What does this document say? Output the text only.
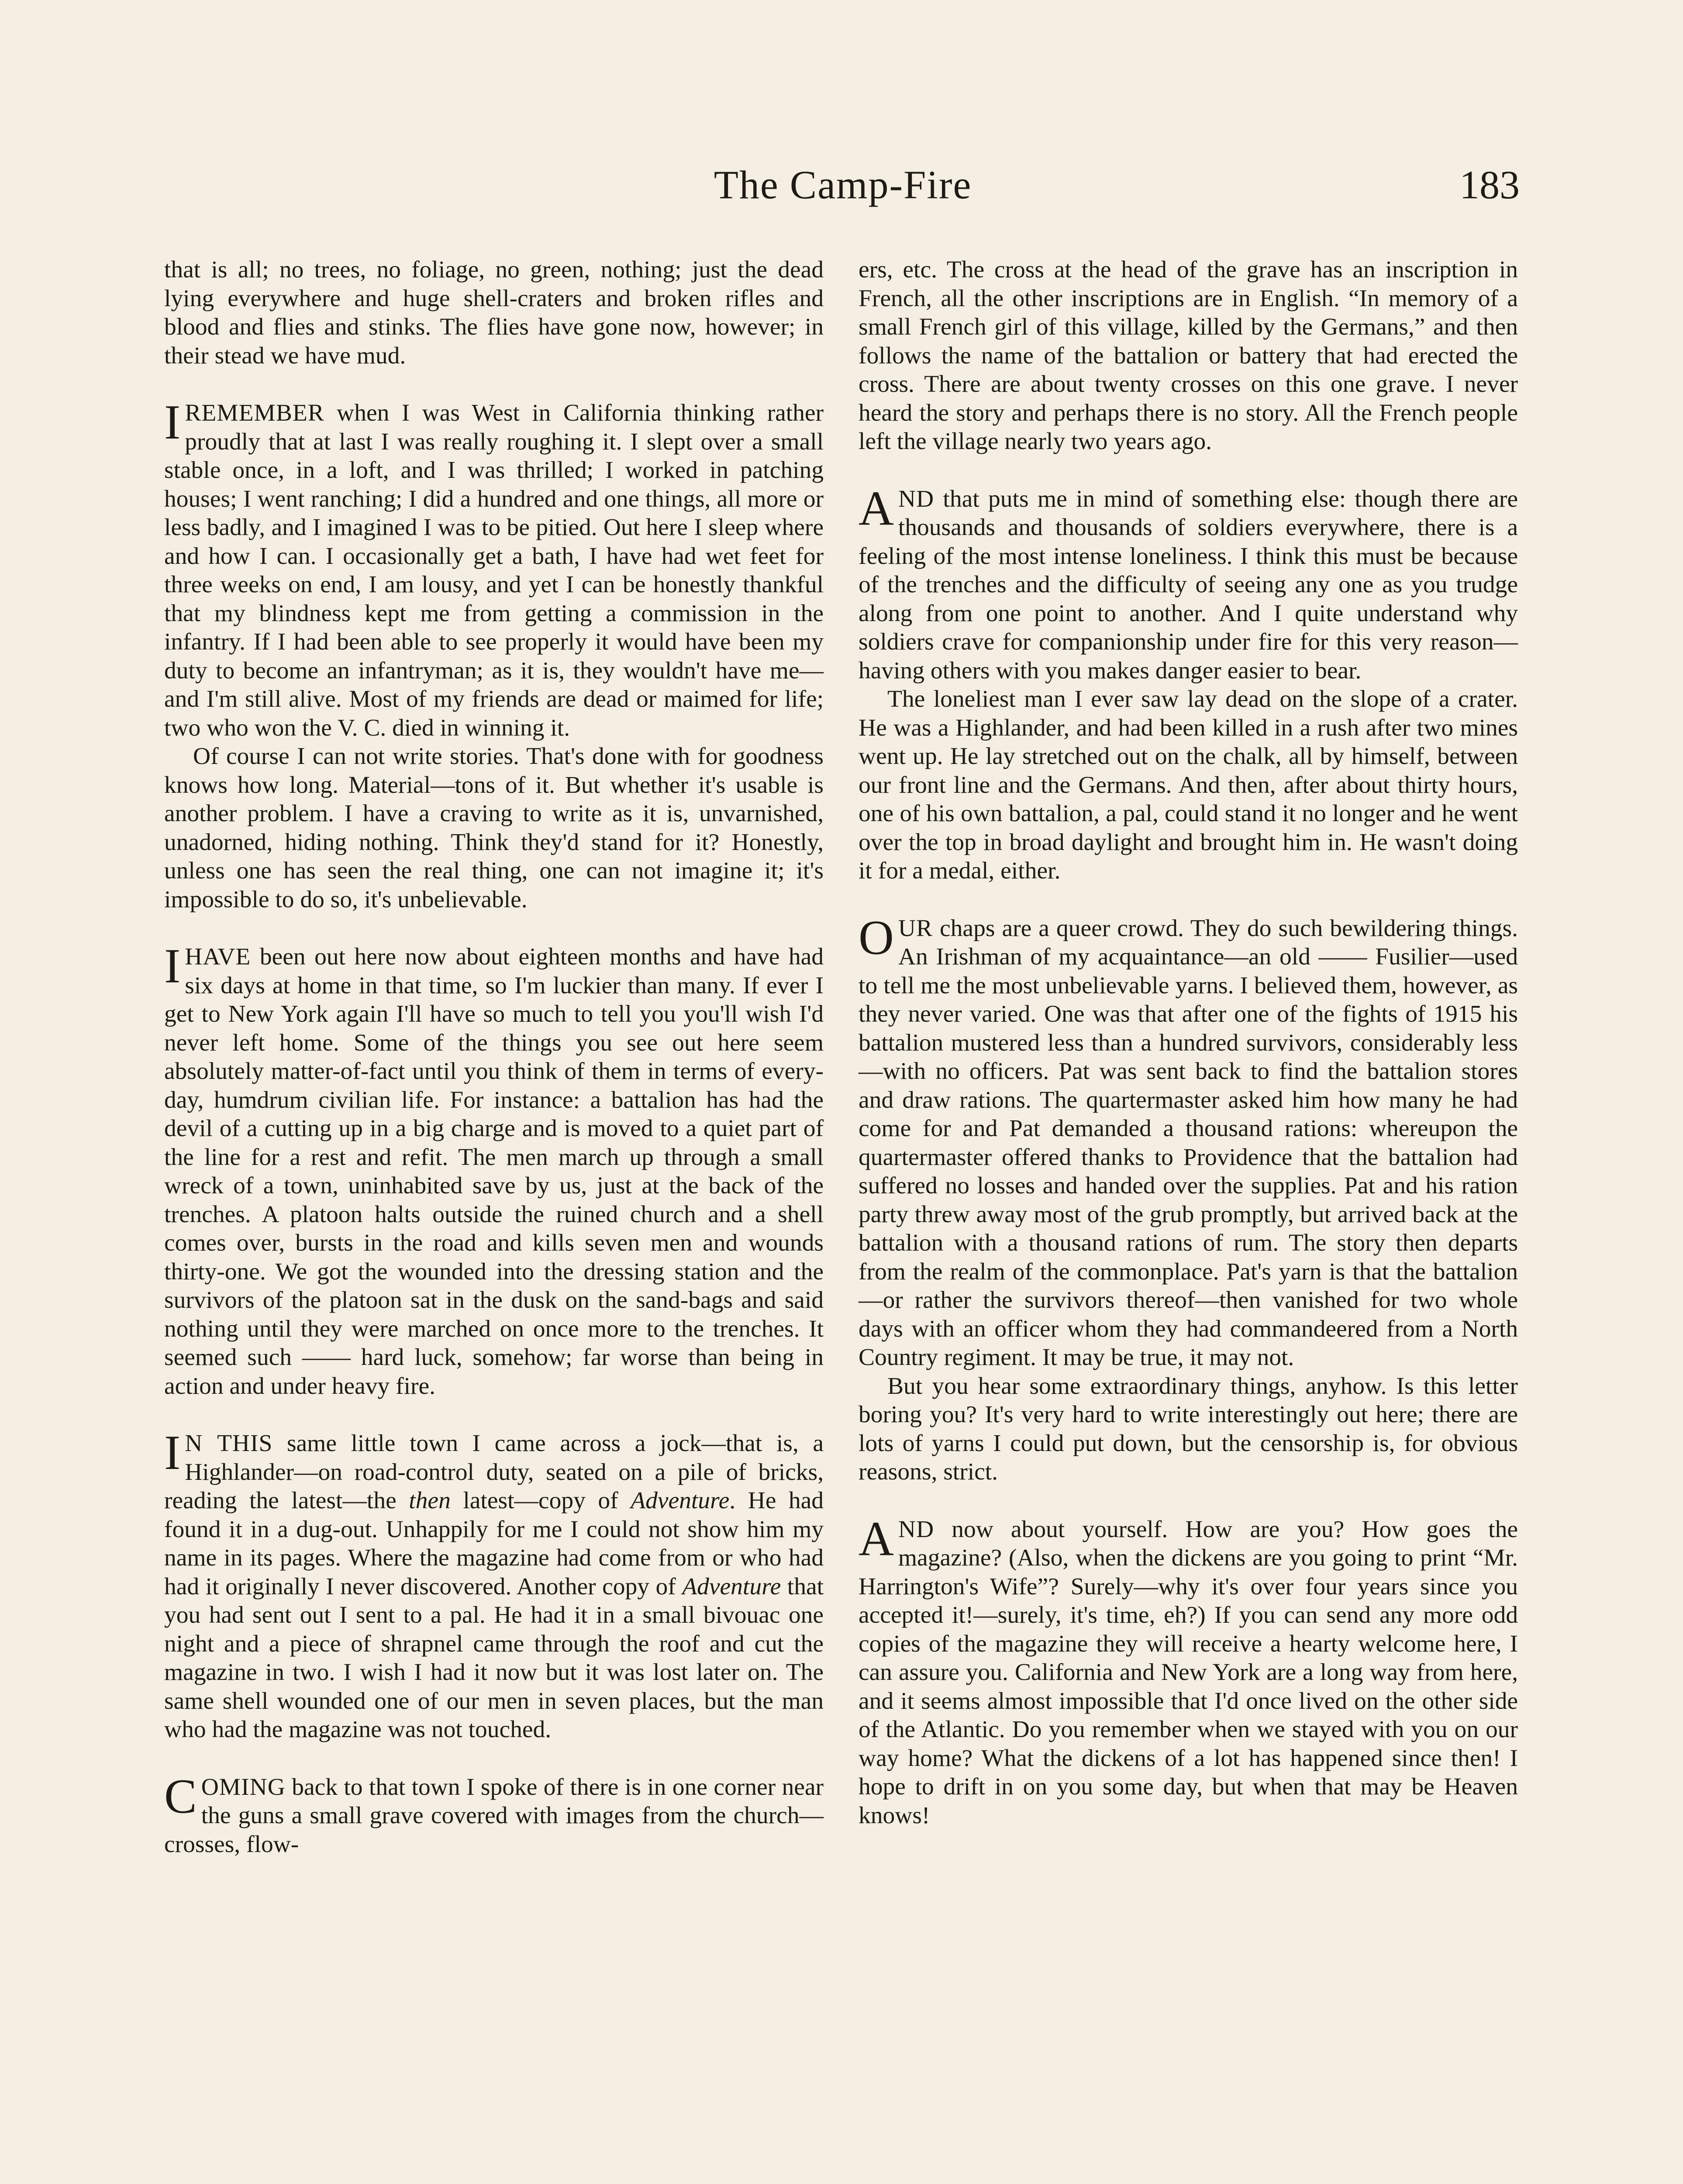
The Camp-Fire	183

that is all; no trees, no foliage, no green, nothing; just the dead lying everywhere and huge shell-craters and broken rifles and blood and flies and stinks. The flies have gone now, however; in their stead we have mud.

IREMEMBER when I was West in California thinking rather proudly that at last I was really roughing it. I slept over a small stable once, in a loft, and I was thrilled; I worked in patching houses; I went ranching; I did a hundred and one things, all more or less badly, and I imagined I was to be pitied. Out here I sleep where and how I can. I occasionally get a bath, I have had wet feet for three weeks on end, I am lousy, and yet I can be honestly thankful that my blindness kept me from getting a commission in the infantry. If I had been able to see properly it would have been my duty to become an infantryman; as it is, they wouldn't have me—and I'm still alive. Most of my friends are dead or maimed for life; two who won the V. C. died in winning it.

Of course I can not write stories. That's done with for goodness knows how long. Material—tons of it. But whether it's usable is another problem. I have a craving to write as it is, unvarnished, unadorned, hiding nothing. Think they'd stand for it? Honestly, unless one has seen the real thing, one can not imagine it; it's impossible to do so, it's unbelievable.

IHAVE been out here now about eighteen months and have had six days at home in that time, so I'm luckier than many. If ever I get to New York again I'll have so much to tell you you'll wish I'd never left home. Some of the things you see out here seem absolutely matter-of-fact until you think of them in terms of every-day, humdrum civilian life. For instance: a battalion has had the devil of a cutting up in a big charge and is moved to a quiet part of the line for a rest and refit. The men march up through a small wreck of a town, uninhabited save by us, just at the back of the trenches. A platoon halts outside the ruined church and a shell comes over, bursts in the road and kills seven men and wounds thirty-one. We got the wounded into the dressing station and the survivors of the platoon sat in the dusk on the sand-bags and said nothing until they were marched on once more to the trenches. It seemed such —— hard luck, somehow; far worse than being in action and under heavy fire.

I N THIS same little town I came across a jock—that is, a Highlander—on road-control duty, seated on a pile of bricks, reading the latest—the then latest—copy of Adventure. He had found it in a dug-out. Unhappily for me I could not show him my name in its pages. Where the magazine had come from or who had had it originally I never discovered. Another copy of Adventure that you had sent out I sent to a pal. He had it in a small bivouac one night and a piece of shrapnel came through the roof and cut the magazine in two. I wish I had it now but it was lost later on. The same shell wounded one of our men in seven places, but the man who had the magazine was not touched.

COMING back to that town I spoke of there is in one corner near the guns a small grave covered with images from the church—crosses, flow-

ers, etc. The cross at the head of the grave has an inscription in French, all the other inscriptions are in English. “In memory of a small French girl of this village, killed by the Germans,” and then follows the name of the battalion or battery that had erected the cross. There are about twenty crosses on this one grave. I never heard the story and perhaps there is no story. All the French people left the village nearly two years ago.

AND that puts me in mind of something else: though there are thousands and thousands of soldiers everywhere, there is a feeling of the most intense loneliness. I think this must be because of the trenches and the difficulty of seeing any one as you trudge along from one point to another. And I quite understand why soldiers crave for companionship under fire for this very reason—having others with you makes danger easier to bear.

The loneliest man I ever saw lay dead on the slope of a crater. He was a Highlander, and had been killed in a rush after two mines went up. He lay stretched out on the chalk, all by himself, between our front line and the Germans. And then, after about thirty hours, one of his own battalion, a pal, could stand it no longer and he went over the top in broad daylight and brought him in. He wasn't doing it for a medal, either.

OUR chaps are a queer crowd. They do such bewildering things. An Irishman of my acquaintance—an old —— Fusilier—used to tell me the most unbelievable yarns. I believed them, however, as they never varied. One was that after one of the fights of 1915 his battalion mustered less than a hundred survivors, considerably less—with no officers. Pat was sent back to find the battalion stores and draw rations. The quartermaster asked him how many he had come for and Pat demanded a thousand rations: whereupon the quartermaster offered thanks to Providence that the battalion had suffered no losses and handed over the supplies. Pat and his ration party threw away most of the grub promptly, but arrived back at the battalion with a thousand rations of rum. The story then departs from the realm of the commonplace. Pat's yarn is that the battalion—or rather the survivors thereof—then vanished for two whole days with an officer whom they had commandeered from a North Country regiment. It may be true, it may not.

But you hear some extraordinary things, anyhow. Is this letter boring you? It's very hard to write interestingly out here; there are lots of yarns I could put down, but the censorship is, for obvious reasons, strict.

AND now about yourself. How are you? How goes the magazine? (Also, when the dickens are you going to print “Mr. Harrington's Wife”? Surely—why it's over four years since you accepted it!—surely, it's time, eh?) If you can send any more odd copies of the magazine they will receive a hearty welcome here, I can assure you. California and New York are a long way from here, and it seems almost impossible that I'd once lived on the other side of the Atlantic. Do you remember when we stayed with you on our way home? What the dickens of a lot has happened since then! I hope to drift in on you some day, but when that may be Heaven knows!
